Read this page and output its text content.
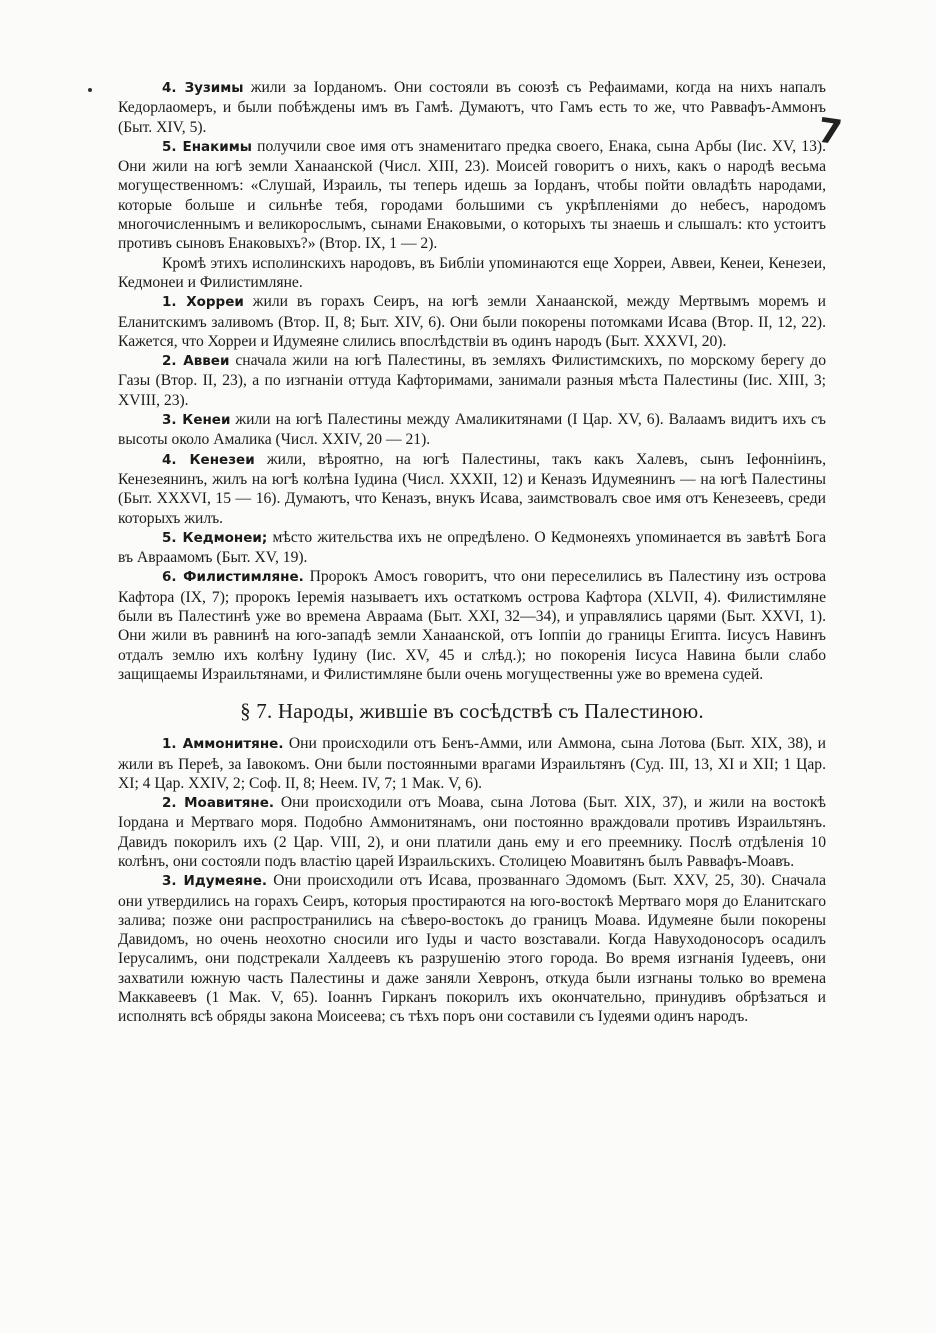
7

4. Зузимы жили за Іорданомъ. Они состояли въ союзѣ съ Рефаимами, когда на нихъ напалъ Кедорлаомеръ, и были побѣждены имъ въ Гамѣ. Думаютъ, что Гамъ есть то же, что Раввафъ-Аммонъ (Быт. XIV, 5).

5. Енакимы получили свое имя отъ знаменитаго предка своего, Енака, сына Арбы (Іис. XV, 13). Они жили на югѣ земли Ханаанской (Числ. XIII, 23). Моисей говоритъ о нихъ, какъ о народѣ весьма могущественномъ: «Слушай, Израиль, ты теперь идешь за Іорданъ, чтобы пойти овладѣть народами, которые больше и сильнѣе тебя, городами большими съ укрѣпленіями до небесъ, народомъ многочисленнымъ и великорослымъ, сынами Енаковыми, о которыхъ ты знаешь и слышалъ: кто устоитъ противъ сыновъ Енаковыхъ?» (Втор. IX, 1 — 2).

Кромѣ этихъ исполинскихъ народовъ, въ Библіи упоминаются еще Хорреи, Аввеи, Кенеи, Кенезеи, Кедмонеи и Филистимляне.

1. Хорреи жили въ горахъ Сеиръ, на югѣ земли Ханаанской, между Мертвымъ моремъ и Еланитскимъ заливомъ (Втор. II, 8; Быт. XIV, 6). Они были покорены потомками Исава (Втор. II, 12, 22). Кажется, что Хорреи и Идумеяне слились впослѣдствіи въ одинъ народъ (Быт. XXXVI, 20).

2. Аввеи сначала жили на югѣ Палестины, въ земляхъ Филистимскихъ, по морскому берегу до Газы (Втор. II, 23), а по изгнаніи оттуда Кафторимами, занимали разныя мѣста Палестины (Іис. XIII, 3; XVIII, 23).

3. Кенеи жили на югѣ Палестины между Амаликитянами (I Цар. XV, 6). Валаамъ видитъ ихъ съ высоты около Амалика (Числ. XXIV, 20 — 21).

4. Кенезеи жили, вѣроятно, на югѣ Палестины, такъ какъ Халевъ, сынъ Іефоннiинъ, Кенезеянинъ, жилъ на югѣ колѣна Іудина (Числ. XXXII, 12) и Кеназъ Идумеянинъ — на югѣ Палестины (Быт. XXXVI, 15 — 16). Думаютъ, что Кеназъ, внукъ Исава, заимствовалъ свое имя отъ Кенезеевъ, среди которыхъ жилъ.

5. Кедмонеи; мѣсто жительства ихъ не опредѣлено. О Кедмонеяхъ упоминается въ завѣтѣ Бога въ Авраамомъ (Быт. XV, 19).

6. Филистимляне. Пророкъ Амосъ говоритъ, что они переселились въ Палестину изъ острова Кафтора (IX, 7); пророкъ Іеремія называетъ ихъ остаткомъ острова Кафтора (XLVII, 4). Филистимляне были въ Палестинѣ уже во времена Авраама (Быт. XXI, 32—34), и управлялись царями (Быт. XXVI, 1). Они жили въ равнинѣ на юго-западѣ земли Ханаанской, отъ Іоппіи до границы Египта. Іисусъ Навинъ отдалъ землю ихъ колѣну Іудину (Іис. XV, 45 и слѣд.); но покоренія Іисуса Навина были слабо защищаемы Израильтянами, и Филистимляне были очень могущественны уже во времена судей.

§ 7. Народы, жившіе въ сосѣдствѣ съ Палестиною.

1. Аммонитяне. Они происходили отъ Бенъ-Амми, или Аммона, сына Лотова (Быт. XIX, 38), и жили въ Переѣ, за Іавокомъ. Они были постоянными врагами Израильтянъ (Суд. III, 13, XI и XII; 1 Цар. XI; 4 Цар. XXIV, 2; Соф. II, 8; Неем. IV, 7; 1 Мак. V, 6).

2. Моавитяне. Они происходили отъ Моава, сына Лотова (Быт. XIX, 37), и жили на востокѣ Іордана и Мертваго моря. Подобно Аммонитянамъ, они постоянно враждовали противъ Израильтянъ. Давидъ покорилъ ихъ (2 Цар. VIII, 2), и они платили дань ему и его преемнику. Послѣ отдѣленія 10 колѣнъ, они состояли подъ властію царей Израильскихъ. Столицею Моавитянъ былъ Раввафъ-Моавъ.

3. Идумеяне. Они происходили отъ Исава, прозваннаго Эдомомъ (Быт. XXV, 25, 30). Сначала они утвердились на горахъ Сеиръ, которыя простираются на юго-востокѣ Мертваго моря до Еланитскаго залива; позже они распространились на сѣверо-востокъ до границъ Моава. Идумеяне были покорены Давидомъ, но очень неохотно сносили иго Іуды и часто возставали. Когда Навуходоносоръ осадилъ Іерусалимъ, они подстрекали Халдеевъ къ разрушенію этого города. Во время изгнанія Іудеевъ, они захватили южную часть Палестины и даже заняли Хевронъ, откуда были изгнаны только во времена Маккавеевъ (1 Мак. V, 65). Іоаннъ Гирканъ покорилъ ихъ окончательно, принудивъ обрѣзаться и исполнять всѣ обряды закона Моисеева; съ тѣхъ поръ они составили съ Іудеями одинъ народъ.
